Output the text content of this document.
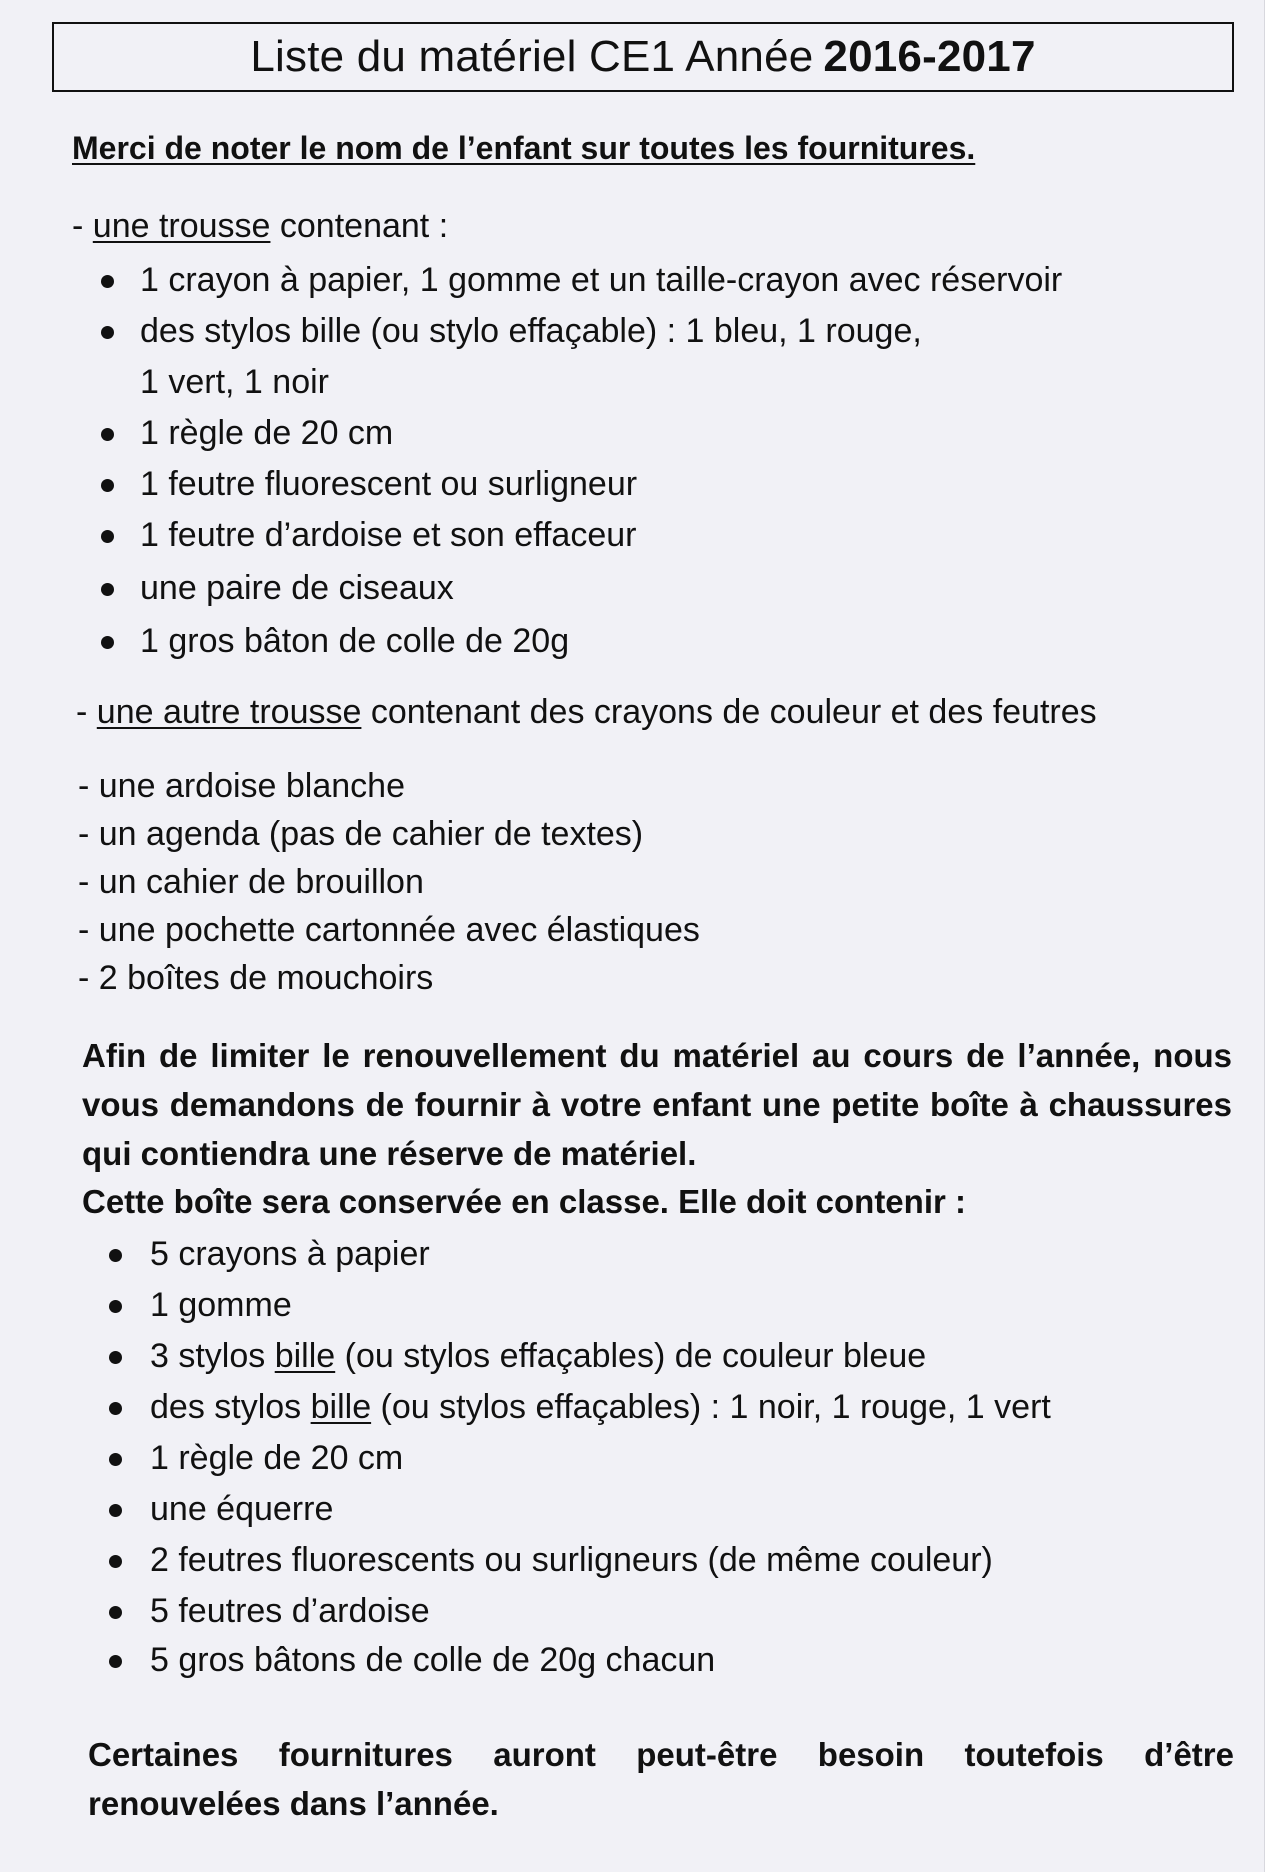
Liste du matériel CE1 Année 2016-2017
Merci de noter le nom de l’enfant sur toutes les fournitures.
- une trousse contenant :
1 crayon à papier, 1 gomme et un taille-crayon avec réservoir
des stylos bille (ou stylo effaçable) : 1 bleu, 1 rouge,
1 vert, 1 noir
1 règle de 20 cm
1 feutre fluorescent ou surligneur
1 feutre d’ardoise et son effaceur
une paire de ciseaux
1 gros bâton de colle de 20g
- une autre trousse contenant des crayons de couleur et des feutres
- une ardoise blanche
- un agenda (pas de cahier de textes)
- un cahier de brouillon
- une pochette cartonnée avec élastiques
- 2 boîtes de mouchoirs
Afin de limiter le renouvellement du matériel au cours de l’année, nous vous demandons de fournir à votre enfant une petite boîte à chaussures qui contiendra une réserve de matériel.
Cette boîte sera conservée en classe. Elle doit contenir :
5 crayons à papier
1 gomme
3 stylos bille (ou stylos effaçables) de couleur bleue
des stylos bille (ou stylos effaçables) : 1 noir, 1 rouge, 1 vert
1 règle de 20 cm
une équerre
2 feutres fluorescents ou surligneurs (de même couleur)
5 feutres d’ardoise
5 gros bâtons de colle de 20g chacun
Certaines fournitures auront peut-être besoin toutefois d’être renouvelées dans l’année.
